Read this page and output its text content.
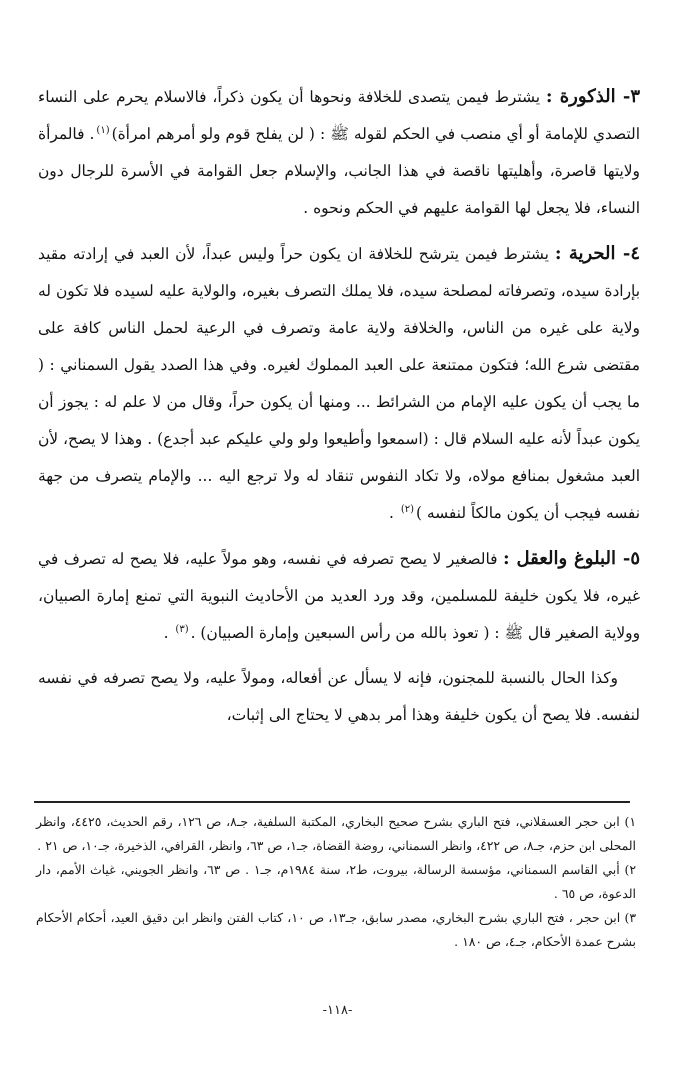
٣- الذكورة : يشترط فيمن يتصدى للخلافة ونحوها أن يكون ذكراً، فالاسلام يحرم على النساء التصدي للإمامة أو أي منصب في الحكم لقوله ﷺ : ( لن يفلح قوم ولو أمرهم امرأة)$^{(١)}$. فالمرأة ولايتها قاصرة، وأهليتها ناقصة في هذا الجانب، والإسلام جعل القوامة في الأسرة للرجال دون النساء، فلا يجعل لها القوامة عليهم في الحكم ونحوه .

٤- الحرية : يشترط فيمن يترشح للخلافة ان يكون حراً وليس عبداً، لأن العبد في إرادته مقيد بإرادة سيده، وتصرفاته لمصلحة سيده، فلا يملك التصرف بغيره، والولاية عليه لسيده فلا تكون له ولاية على غيره من الناس، والخلافة ولاية عامة وتصرف في الرعية لحمل الناس كافة على مقتضى شرع الله؛ فتكون ممتنعة على العبد المملوك لغيره. وفي هذا الصدد يقول السمناني : ( ما يجب أن يكون عليه الإمام من الشرائط ... ومنها أن يكون حراً، وقال من لا علم له : يجوز أن يكون عبداً لأنه عليه السلام قال : (اسمعوا وأطيعوا ولو ولي عليكم عبد أجدع) . وهذا لا يصح، لأن العبد مشغول بمنافع مولاه، ولا تكاد النفوس تنقاد له ولا ترجع اليه ... والإمام يتصرف من جهة نفسه فيجب أن يكون مالكاً لنفسه )$^{(٢)}$ .

٥- البلوغ والعقل : فالصغير لا يصح تصرفه في نفسه، وهو مولاً عليه، فلا يصح له تصرف في غيره، فلا يكون خليفة للمسلمين، وقد ورد العديد من الأحاديث النبوية التي تمنع إمارة الصبيان، وولاية الصغير قال ﷺ : ( تعوذ بالله من رأس السبعين وإمارة الصبيان) .$^{(٣)}$ .

وكذا الحال بالنسبة للمجنون، فإنه لا يسأل عن أفعاله، ومولاً عليه، ولا يصح تصرفه في نفسه لنفسه. فلا يصح أن يكون خليفة وهذا أمر بدهي لا يحتاج الى إثبات،

١) ابن حجر العسقلاني، فتح الباري بشرح صحيح البخاري، المكتبة السلفية، جـ٨، ص ١٢٦، رقم الحديث، ٤٤٢٥، وانظر المحلى ابن حزم، جـ٨، ص ٤٢٢، وانظر السمناني، روضة القضاة، جـ١، ص ٦٣، وانظر، القرافي، الذخيرة، جـ١٠، ص ٢١ .

٢) أبي القاسم السمناني، مؤسسة الرسالة، بيروت، ط٢، سنة ١٩٨٤م، جـ١ . ص ٦٣، وانظر الجويني، غياث الأمم، دار الدعوة، ص ٦٥ .

٣) ابن حجر ، فتح الباري بشرح البخاري، مصدر سابق، جـ١٣، ص ١٠، كتاب الفتن وانظر ابن دقيق العيد، أحكام الأحكام بشرح عمدة الأحكام، جـ٤، ص ١٨٠ .

-١١٨-
